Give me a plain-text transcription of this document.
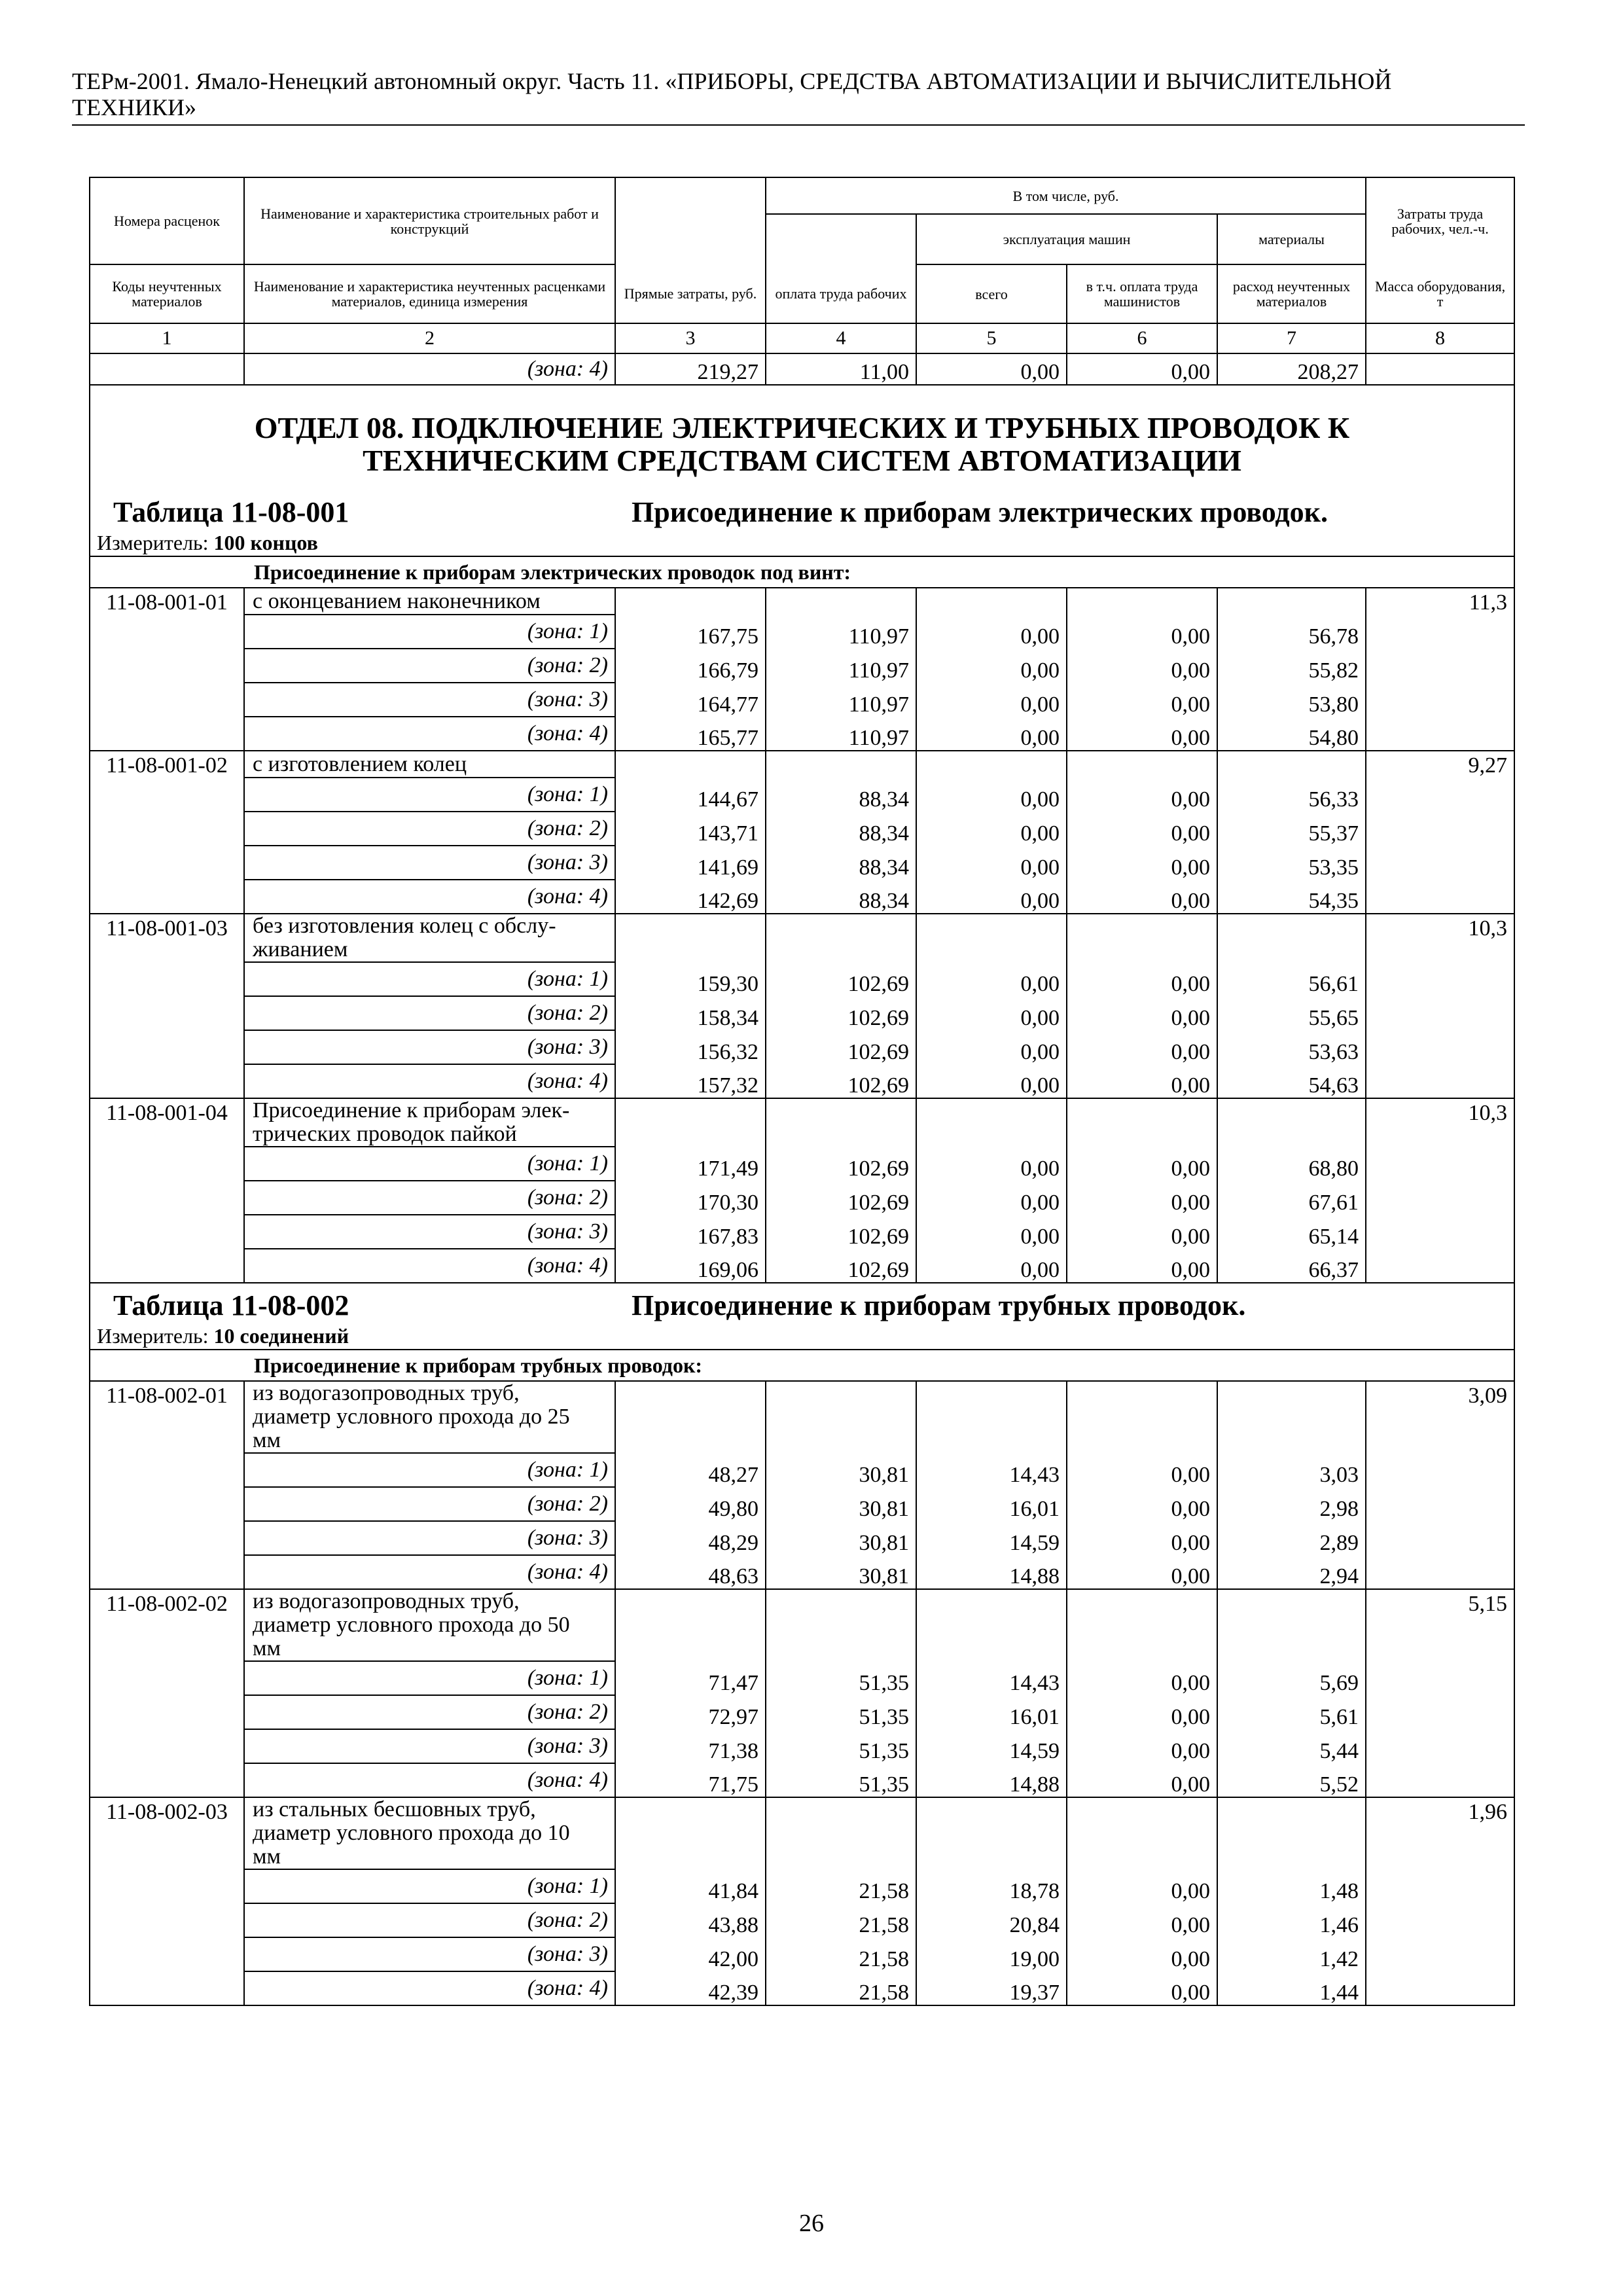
ТЕРм-2001. Ямало-Ненецкий автономный округ. Часть 11. «ПРИБОРЫ, СРЕДСТВА АВТОМАТИЗАЦИИ И ВЫЧИСЛИТЕЛЬНОЙ
ТЕХНИКИ»
Номера расценок	Наименование и характеристика строительных работ и конструкций		В том числе, руб.				Затраты труда рабочих, чел.-ч.
				эксплуатация машин		материалы	
Коды неучтенных материалов	Наименование и характеристика неучтенных расценками материалов, единица измерения	Прямые затраты, руб.	оплата труда рабочих	всего	в т.ч. оплата труда машинистов	расход неучтенных материалов	Масса оборудования, т
1	2	3	4	5	6	7	8
	(зона: 4)	219,27	11,00	0,00	0,00	208,27	

ОТДЕЛ 08. ПОДКЛЮЧЕНИЕ ЭЛЕКТРИЧЕСКИХ И ТРУБНЫХ ПРОВОДОК К
ТЕХНИЧЕСКИМ СРЕДСТВАМ СИСТЕМ АВТОМАТИЗАЦИИ							

Таблица 11-08-001 Присоединение к приборам электрических проводок.							

Измеритель: 100 концов							
Присоединение к приборам электрических проводок под винт:							
11-08-001-01	с оконцеванием наконечником						11,3
	(зона: 1)	167,75	110,97	0,00	0,00	56,78	
	(зона: 2)	166,79	110,97	0,00	0,00	55,82	
	(зона: 3)	164,77	110,97	0,00	0,00	53,80	
	(зона: 4)	165,77	110,97	0,00	0,00	54,80	
11-08-001-02	с изготовлением колец						9,27
	(зона: 1)	144,67	88,34	0,00	0,00	56,33	
	(зона: 2)	143,71	88,34	0,00	0,00	55,37	
	(зона: 3)	141,69	88,34	0,00	0,00	53,35	
	(зона: 4)	142,69	88,34	0,00	0,00	54,35	
11-08-001-03	без изготовления колец с обслу-
живанием						10,3
	(зона: 1)	159,30	102,69	0,00	0,00	56,61	
	(зона: 2)	158,34	102,69	0,00	0,00	55,65	
	(зона: 3)	156,32	102,69	0,00	0,00	53,63	
	(зона: 4)	157,32	102,69	0,00	0,00	54,63	
11-08-001-04	Присоединение к приборам элек-
трических проводок пайкой						10,3
	(зона: 1)	171,49	102,69	0,00	0,00	68,80	
	(зона: 2)	170,30	102,69	0,00	0,00	67,61	
	(зона: 3)	167,83	102,69	0,00	0,00	65,14	
	(зона: 4)	169,06	102,69	0,00	0,00	66,37	

Таблица 11-08-002 Присоединение к приборам трубных проводок.							

Измеритель: 10 соединений							
Присоединение к приборам трубных проводок:							
11-08-002-01	из водогазопроводных труб,
диаметр условного прохода до 25
мм						3,09
	(зона: 1)	48,27	30,81	14,43	0,00	3,03	
	(зона: 2)	49,80	30,81	16,01	0,00	2,98	
	(зона: 3)	48,29	30,81	14,59	0,00	2,89	
	(зона: 4)	48,63	30,81	14,88	0,00	2,94	
11-08-002-02	из водогазопроводных труб,
диаметр условного прохода до 50
мм						5,15
	(зона: 1)	71,47	51,35	14,43	0,00	5,69	
	(зона: 2)	72,97	51,35	16,01	0,00	5,61	
	(зона: 3)	71,38	51,35	14,59	0,00	5,44	
	(зона: 4)	71,75	51,35	14,88	0,00	5,52	
11-08-002-03	из стальных бесшовных труб,
диаметр условного прохода до 10
мм						1,96
	(зона: 1)	41,84	21,58	18,78	0,00	1,48	
	(зона: 2)	43,88	21,58	20,84	0,00	1,46	
	(зона: 3)	42,00	21,58	19,00	0,00	1,42	
	(зона: 4)	42,39	21,58	19,37	0,00	1,44	
26
